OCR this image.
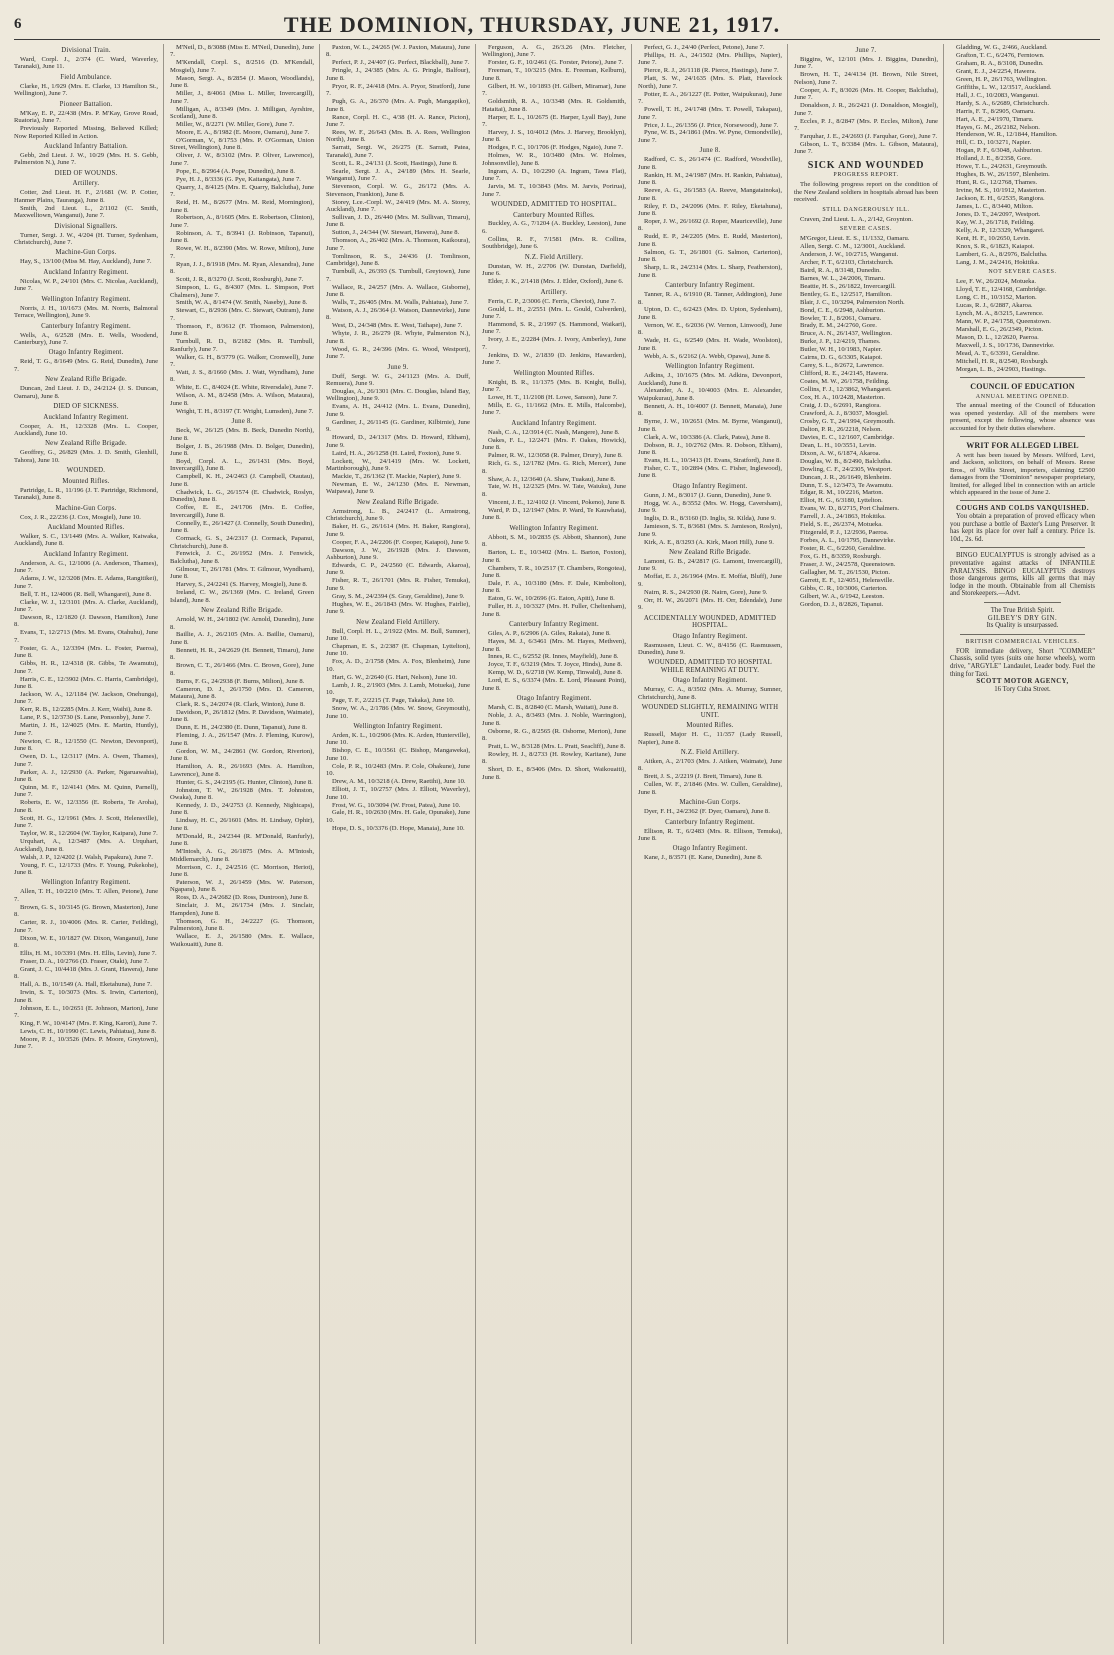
6	THE DOMINION, THURSDAY, JUNE 21, 1917.
Divisional Train.

Ward, Corpl. J., 2/374 (C. Ward, Waverley, Taranaki), June 11.

Field Ambulance.

Clarke, H., 1/929 (Mrs. E. Clarke, 13 Hamilton St., Wellington), June 7.

Pioneer Battalion.

M'Kay, E. P., 22/438 (Mrs. P. M'Kay, Grove Road, Ruatoria), June 7.

Previously Reported Missing, Believed Killed; Now Reported Killed in Action.

Auckland Infantry Battalion.

Gebb, 2nd Lieut. J. W., 10/29 (Mrs. H. S. Gebb, Palmerston N.), June 7.

DIED OF WOUNDS.
Artillery.

Cotter, 2nd Lieut. H. F., 2/1681 (W. P. Cotter, Hanmer Plains, Tauranga), June 8.

Smith, 2nd Lieut. L., 2/1102 (C. Smith, Maxwelltown, Wanganui), June 7.

Divisional Signallers.

Turner, Sergt. J. W., 4/204 (H. Turner, Sydenham, Christchurch), June 7.

Machine-Gun Corps.

Hay, S., 13/100 (Miss M. Hay, Auckland), June 7.

Auckland Infantry Regiment.

Nicolas, W. P., 24/101 (Mrs. C. Nicolas, Auckland), June 7.

Wellington Infantry Regiment.

Norris, J. H., 10/1673 (Mrs. M. Norris, Balmoral Terrace, Wellington), June 9.

Canterbury Infantry Regiment.

Wells, A., 6/2528 (Mrs. E. Wells, Woodend, Canterbury), June 7.

Otago Infantry Regiment.

Reid, T. G., 8/1649 (Mrs. G. Reid, Dunedin), June 7.

New Zealand Rifle Brigade.

Duncan, 2nd Lieut. J. D., 24/2124 (J. S. Duncan, Oamaru), June 8.

DIED OF SICKNESS.
Auckland Infantry Regiment.

Cooper, A. H., 12/3328 (Mrs. L. Cooper, Auckland), June 10.

New Zealand Rifle Brigade.

Geoffrey, G., 26/829 (Mrs. J. D. Smith, Glenhill, Tahora), June 10.

WOUNDED.
Mounted Rifles.

Partridge, L. R., 11/196 (J. T. Partridge, Richmond, Taranaki), June 8.

Machine-Gun Corps.

Cox, J. R., 22/236 (J. Cox, Mosgiel), June 10.

Auckland Mounted Rifles.

Walker, S. C., 13/1449 (Mrs. A. Walker, Kaiwaka, Auckland), June 8.

Auckland Infantry Regiment.

Anderson, A. G., 12/1006 (A. Anderson, Thames), June 7.

Adams, J. W., 12/3208 (Mrs. E. Adams, Rangitikei), June 7.

Bell, T. H., 12/4006 (R. Bell, Whangarei), June 8.

Clarke, W. J., 12/3101 (Mrs. A. Clarke, Auckland), June 7.

Dawson, R., 12/1820 (J. Dawson, Hamilton), June 8.

Evans, T., 12/2713 (Mrs. M. Evans, Otahuhu), June 7.

Foster, G. A., 12/3394 (Mrs. L. Foster, Paeroa), June 8.

Gibbs, H. R., 12/4318 (R. Gibbs, Te Awamutu), June 7.

Harris, C. E., 12/3902 (Mrs. C. Harris, Cambridge), June 8.

Jackson, W. A., 12/1184 (W. Jackson, Onehunga), June 7.

Kerr, R. B., 12/2285 (Mrs. J. Kerr, Waihi), June 8.

Lane, P. S., 12/3730 (S. Lane, Ponsonby), June 7.

Martin, J. H., 12/4025 (Mrs. E. Martin, Huntly), June 7.

Newton, C. R., 12/1550 (C. Newton, Devonport), June 8.

Owen, D. L., 12/3117 (Mrs. A. Owen, Thames), June 7.

Parker, A. J., 12/2930 (A. Parker, Ngaruawahia), June 8.

Quinn, M. F., 12/4141 (Mrs. M. Quinn, Parnell), June 7.

Roberts, E. W., 12/3356 (E. Roberts, Te Aroha), June 8.

Scott, H. G., 12/1961 (Mrs. J. Scott, Helensville), June 7.

Taylor, W. R., 12/2604 (W. Taylor, Kaipara), June 7.

Urquhart, A., 12/3487 (Mrs. A. Urquhart, Auckland), June 8.

Walsh, J. P., 12/4202 (J. Walsh, Papakura), June 7.

Young, F. C., 12/1733 (Mrs. F. Young, Pukekohe), June 8.

Wellington Infantry Regiment.

Allen, T. H., 10/2210 (Mrs. T. Allen, Petone), June 7.

Brown, G. S., 10/3145 (G. Brown, Masterton), June 8.

Carter, R. J., 10/4006 (Mrs. R. Carter, Feilding), June 7.

Dixon, W. E., 10/1827 (W. Dixon, Wanganui), June 8.

Ellis, H. M., 10/3391 (Mrs. H. Ellis, Levin), June 7.

Fraser, D. A., 10/2766 (D. Fraser, Otaki), June 7.

Grant, J. C., 10/4418 (Mrs. J. Grant, Hawera), June 8.

Hall, A. B., 10/1549 (A. Hall, Eketahuna), June 7.

Irwin, S. T., 10/3073 (Mrs. S. Irwin, Carterton), June 8.

Johnson, E. L., 10/2651 (E. Johnson, Marton), June 7.

King, F. W., 10/4147 (Mrs. F. King, Karori), June 7.

Lewis, C. H., 10/1990 (C. Lewis, Pahiatua), June 8.

Moore, P. J., 10/3526 (Mrs. P. Moore, Greytown), June 7.

M'Neil, D., 8/3088 (Miss E. M'Neil, Dunedin), June 7.

M'Kendall, Corpl. S., 8/2516 (D. M'Kendall, Mosgiel), June 7.

Mason, Sergt. A., 8/2854 (J. Mason, Woodlands), June 8.

Miller, J., 8/4061 (Miss L. Miller, Invercargill), June 7.

Milligan, A., 8/3349 (Mrs. J. Milligan, Ayrshire, Scotland), June 8.

Miller, W., 8/2271 (W. Miller, Gore), June 7.

Moore, E. A., 8/1982 (E. Moore, Oamaru), June 7.

O'Gorman, V., 8/1753 (Mrs. P. O'Gorman, Union Street, Wellington), June 8.

Oliver, J. W., 8/3102 (Mrs. P. Oliver, Lawrence), June 7.

Pope, E., 8/2964 (A. Pope, Dunedin), June 8.

Pye, H. J., 8/3336 (G. Pye, Kaitangata), June 7.

Quarry, J., 8/4125 (Mrs. E. Quarry, Balclutha), June 7.

Reid, H. M., 8/2677 (Mrs. M. Reid, Mornington), June 8.

Robertson, A., 8/1605 (Mrs. E. Robertson, Clinton), June 7.

Robinson, A. T., 8/3941 (J. Robinson, Tapanui), June 8.

Rowe, W. H., 8/2390 (Mrs. W. Rowe, Milton), June 7.

Ryan, J. J., 8/1918 (Mrs. M. Ryan, Alexandra), June 8.

Scott, J. R., 8/3270 (J. Scott, Roxburgh), June 7.

Simpson, L. G., 8/4307 (Mrs. L. Simpson, Port Chalmers), June 7.

Smith, W. A., 8/1474 (W. Smith, Naseby), June 8.

Stewart, C., 8/2936 (Mrs. C. Stewart, Outram), June 7.

Thomson, F., 8/3612 (F. Thomson, Palmerston), June 8.

Turnbull, R. D., 8/2182 (Mrs. R. Turnbull, Ranfurly), June 7.

Walker, G. H., 8/3779 (G. Walker, Cromwell), June 7.

Watt, J. S., 8/1660 (Mrs. J. Watt, Wyndham), June 8.

White, E. C., 8/4024 (E. White, Riversdale), June 7.

Wilson, A. M., 8/2458 (Mrs. A. Wilson, Mataura), June 8.

Wright, T. H., 8/3197 (T. Wright, Lumsden), June 7.

June 8.

Beck, W., 26/125 (Mrs. B. Beck, Dunedin North), June 8.

Bolger, J. B., 26/1988 (Mrs. D. Bolger, Dunedin), June 8.

Boyd, Corpl. A. L., 26/1431 (Mrs. Boyd, Invercargill), June 8.

Campbell, K. H., 24/2463 (J. Campbell, Otautau), June 8.

Chadwick, L. G., 26/1574 (E. Chadwick, Roslyn, Dunedin), June 8.

Coffee, E. E., 24/1706 (Mrs. E. Coffee, Invercargill), June 8.

Connelly, E., 26/1427 (J. Connelly, South Dunedin), June 8.

Cormack, G. S., 24/2317 (J. Cormack, Papanui, Christchurch), June 8.

Fenwick, J. C., 26/1952 (Mrs. J. Fenwick, Balclutha), June 8.

Gilmour, T., 26/1781 (Mrs. T. Gilmour, Wyndham), June 8.

Harvey, S., 24/2241 (S. Harvey, Mosgiel), June 8.

Ireland, C. W., 26/1369 (Mrs. C. Ireland, Green Island), June 8.

New Zealand Rifle Brigade.

Arnold, W. H., 24/1802 (W. Arnold, Dunedin), June 8.

Baillie, A. J., 26/2105 (Mrs. A. Baillie, Oamaru), June 8.

Bennett, H. R., 24/2629 (H. Bennett, Timaru), June 8.

Brown, C. T., 26/1466 (Mrs. C. Brown, Gore), June 8.

Burns, F. G., 24/2938 (F. Burns, Milton), June 8.

Cameron, D. J., 26/1750 (Mrs. D. Cameron, Mataura), June 8.

Clark, R. S., 24/2074 (R. Clark, Winton), June 8.

Davidson, P., 26/1812 (Mrs. P. Davidson, Waimate), June 8.

Dunn, E. H., 24/2380 (E. Dunn, Tapanui), June 8.

Fleming, J. A., 26/1547 (Mrs. J. Fleming, Kurow), June 8.

Gordon, W. M., 24/2861 (W. Gordon, Riverton), June 8.

Hamilton, A. R., 26/1693 (Mrs. A. Hamilton, Lawrence), June 8.

Hunter, G. S., 24/2195 (G. Hunter, Clinton), June 8.

Johnston, T. W., 26/1928 (Mrs. T. Johnston, Owaka), June 8.

Kennedy, J. D., 24/2753 (J. Kennedy, Nightcaps), June 8.

Lindsay, H. C., 26/1601 (Mrs. H. Lindsay, Ophir), June 8.

M'Donald, R., 24/2344 (R. M'Donald, Ranfurly), June 8.

M'Intosh, A. G., 26/1875 (Mrs. A. M'Intosh, Middlemarch), June 8.

Morrison, C. J., 24/2516 (C. Morrison, Heriot), June 8.

Paterson, W. J., 26/1459 (Mrs. W. Paterson, Ngapara), June 8.

Ross, D. A., 24/2682 (D. Ross, Duntroon), June 8.

Sinclair, J. M., 26/1734 (Mrs. J. Sinclair, Hampden), June 8.

Thomson, G. H., 24/2227 (G. Thomson, Palmerston), June 8.

Wallace, E. J., 26/1580 (Mrs. E. Wallace, Waikouaiti), June 8.

Paxton, W. L., 24/265 (W. J. Paxton, Mataura), June 8.

Perfect, P. J., 24/407 (G. Perfect, Blackball), June 7.

Pringle, J., 24/385 (Mrs. A. G. Pringle, Balfour), June 8.

Pryor, R. F., 24/418 (Mrs. A. Pryor, Stratford), June 7.

Pugh, G. A., 26/370 (Mrs. A. Pugh, Mangapiko), June 8.

Rance, Corpl. H. C., 4/38 (H. A. Rance, Picton), June 7.

Rees, W. F., 26/643 (Mrs. B. A. Rees, Wellington North), June 8.

Sarratt, Sergt. W., 26/275 (E. Sarratt, Patea, Taranaki), June 7.

Scott, L. R., 24/131 (J. Scott, Hastings), June 8.

Searle, Sergt. J. A., 24/189 (Mrs. H. Searle, Wanganui), June 7.

Stevenson, Corpl. W. G., 26/172 (Mrs. A. Stevenson, Frankton), June 8.

Storey, Lce.-Corpl. W., 24/419 (Mrs. M. A. Storey, Auckland), June 7.

Sullivan, J. D., 26/440 (Mrs. M. Sullivan, Timaru), June 8.

Sutton, J., 24/344 (W. Stewart, Hawera), June 8.

Thomson, A., 26/402 (Mrs. A. Thomson, Kaikoura), June 7.

Tomlinson, R. S., 24/436 (J. Tomlinson, Cambridge), June 8.

Turnbull, A., 26/393 (S. Turnbull, Greytown), June 7.

Wallace, R., 24/257 (Mrs. A. Wallace, Gisborne), June 8.

Walls, T., 26/405 (Mrs. M. Walls, Pahiatua), June 7.

Watson, A. J., 26/364 (J. Watson, Dannevirke), June 8.

West, D., 24/348 (Mrs. E. West, Taihape), June 7.

Whyte, J. R., 26/279 (R. Whyte, Palmerston N.), June 8.

Wood, G. R., 24/396 (Mrs. G. Wood, Westport), June 7.

June 9.

Duff, Sergt. W. G., 24/1123 (Mrs. A. Duff, Remuera), June 9.

Douglas, A., 26/1301 (Mrs. C. Douglas, Island Bay, Wellington), June 9.

Evans, A. H., 24/412 (Mrs. L. Evans, Dunedin), June 9.

Gardiner, J., 26/1145 (G. Gardiner, Kilbirnie), June 9.

Howard, D., 24/1317 (Mrs. D. Howard, Eltham), June 9.

Laird, H. A., 26/1258 (H. Laird, Foxton), June 9.

Lockett, W., 24/1419 (Mrs. W. Lockett, Martinborough), June 9.

Mackie, T., 26/1362 (T. Mackie, Napier), June 9.

Newman, E. W., 24/1230 (Mrs. E. Newman, Waipawa), June 9.

New Zealand Rifle Brigade.

Armstrong, L. B., 24/2417 (L. Armstrong, Christchurch), June 9.

Baker, H. G., 26/1614 (Mrs. H. Baker, Rangiora), June 9.

Cooper, F. A., 24/2206 (F. Cooper, Kaiapoi), June 9.

Dawson, J. W., 26/1928 (Mrs. J. Dawson, Ashburton), June 9.

Edwards, C. P., 24/2560 (C. Edwards, Akaroa), June 9.

Fisher, R. T., 26/1701 (Mrs. R. Fisher, Temuka), June 9.

Gray, S. M., 24/2394 (S. Gray, Geraldine), June 9.

Hughes, W. E., 26/1843 (Mrs. W. Hughes, Fairlie), June 9.

New Zealand Field Artillery.

Bull, Corpl. H. L., 2/1922 (Mrs. M. Bull, Sumner), June 10.

Chapman, E. S., 2/2387 (E. Chapman, Lyttelton), June 10.

Fox, A. D., 2/1758 (Mrs. A. Fox, Blenheim), June 10.

Hart, G. W., 2/2640 (G. Hart, Nelson), June 10.

Lamb, J. R., 2/1903 (Mrs. J. Lamb, Motueka), June 10.

Page, T. F., 2/2215 (T. Page, Takaka), June 10.

Snow, W. A., 2/1786 (Mrs. W. Snow, Greymouth), June 10.

Wellington Infantry Regiment.

Arden, K. L., 10/2906 (Mrs. K. Arden, Hunterville), June 10.

Bishop, C. E., 10/3561 (C. Bishop, Mangaweka), June 10.

Cole, P. R., 10/2483 (Mrs. P. Cole, Ohakune), June 10.

Drew, A. M., 10/3218 (A. Drew, Raetihi), June 10.

Elliott, J. T., 10/2757 (Mrs. J. Elliott, Waverley), June 10.

Frost, W. G., 10/3094 (W. Frost, Patea), June 10.

Gale, H. R., 10/2630 (Mrs. H. Gale, Opunake), June 10.

Hope, D. S., 10/3376 (D. Hope, Manaia), June 10.

Ferguson, A. G., 26/3.26 (Mrs. Fletcher, Wellington), June 7.

Forster, G. F., 10/2461 (G. Forster, Petone), June 7.

Freeman, T., 10/3215 (Mrs. E. Freeman, Kelburn), June 8.

Gilbert, H. W., 10/1893 (H. Gilbert, Miramar), June 7.

Goldsmith, R. A., 10/3348 (Mrs. R. Goldsmith, Hataitai), June 8.

Harper, E. L., 10/2675 (E. Harper, Lyall Bay), June 7.

Harvey, J. S., 10/4012 (Mrs. J. Harvey, Brooklyn), June 8.

Hodges, F. C., 10/1706 (F. Hodges, Ngaio), June 7.

Holmes, W. R., 10/3480 (Mrs. W. Holmes, Johnsonville), June 8.

Ingram, A. D., 10/2290 (A. Ingram, Tawa Flat), June 7.

Jarvis, M. T., 10/3843 (Mrs. M. Jarvis, Porirua), June 7.

WOUNDED, ADMITTED TO HOSPITAL.
Canterbury Mounted Rifles.

Buckley, A. G., 7/1204 (A. Buckley, Leeston), June 6.

Collins, R. F., 7/1581 (Mrs. R. Collins, Southbridge), June 6.

N.Z. Field Artillery.

Dunstan, W. H., 2/2706 (W. Dunstan, Darfield), June 6.

Elder, J. K., 2/1418 (Mrs. J. Elder, Oxford), June 6.

Artillery.

Ferris, C. P., 2/3006 (C. Ferris, Cheviot), June 7.

Gould, L. H., 2/2551 (Mrs. L. Gould, Culverden), June 7.

Hammond, S. R., 2/1997 (S. Hammond, Waikari), June 7.

Ivory, J. E., 2/2284 (Mrs. J. Ivory, Amberley), June 7.

Jenkins, D. W., 2/1839 (D. Jenkins, Hawarden), June 7.

Wellington Mounted Rifles.

Knight, B. R., 11/1375 (Mrs. B. Knight, Bulls), June 7.

Lowe, H. T., 11/2108 (H. Lowe, Sanson), June 7.

Mills, E. G., 11/1662 (Mrs. E. Mills, Halcombe), June 7.

Auckland Infantry Regiment.

Nash, C. A., 12/3914 (C. Nash, Mangere), June 8.

Oakes, F. L., 12/2471 (Mrs. F. Oakes, Howick), June 8.

Palmer, R. W., 12/3058 (R. Palmer, Drury), June 8.

Rich, G. S., 12/1782 (Mrs. G. Rich, Mercer), June 8.

Shaw, A. J., 12/3640 (A. Shaw, Tuakau), June 8.

Tate, W. H., 12/2325 (Mrs. W. Tate, Waiuku), June 8.

Vincent, J. E., 12/4102 (J. Vincent, Pokeno), June 8.

Ward, P. D., 12/1947 (Mrs. P. Ward, Te Kauwhata), June 8.

Wellington Infantry Regiment.

Abbott, S. M., 10/2835 (S. Abbott, Shannon), June 8.

Barton, L. E., 10/3402 (Mrs. L. Barton, Foxton), June 8.

Chambers, T. R., 10/2517 (T. Chambers, Rongotea), June 8.

Dale, F. A., 10/3180 (Mrs. F. Dale, Kimbolton), June 8.

Eaton, G. W., 10/2696 (G. Eaton, Apiti), June 8.

Fuller, H. J., 10/3327 (Mrs. H. Fuller, Cheltenham), June 8.

Canterbury Infantry Regiment.

Giles, A. P., 6/2906 (A. Giles, Rakaia), June 8.

Hayes, M. J., 6/3461 (Mrs. M. Hayes, Methven), June 8.

Innes, R. C., 6/2552 (R. Innes, Mayfield), June 8.

Joyce, T. F., 6/3219 (Mrs. T. Joyce, Hinds), June 8.

Kemp, W. D., 6/2718 (W. Kemp, Tinwald), June 8.

Lord, E. S., 6/3374 (Mrs. E. Lord, Pleasant Point), June 8.

Otago Infantry Regiment.

Marsh, C. B., 8/2840 (C. Marsh, Waitati), June 8.

Noble, J. A., 8/3493 (Mrs. J. Noble, Warrington), June 8.

Osborne, R. G., 8/2565 (R. Osborne, Merton), June 8.

Pratt, L. W., 8/3128 (Mrs. L. Pratt, Seacliff), June 8.

Rowley, H. J., 8/2733 (H. Rowley, Karitane), June 8.

Short, D. E., 8/3406 (Mrs. D. Short, Waikouaiti), June 8.

Perfect, G. J., 24/40 (Perfect, Petone), June 7.

Phillips, H. A., 24/1502 (Mrs. Phillips, Napier), June 7.

Pierce, R. J., 26/1118 (R. Pierce, Hastings), June 7.

Platt, S. W., 24/1635 (Mrs. S. Platt, Havelock North), June 7.

Potter, E. A., 26/1227 (E. Potter, Waipukurau), June 7.

Powell, T. H., 24/1748 (Mrs. T. Powell, Takapau), June 7.

Price, J. L., 26/1356 (J. Price, Norsewood), June 7.

Pyne, W. B., 24/1861 (Mrs. W. Pyne, Ormondville), June 7.

June 8.

Radford, C. S., 26/1474 (C. Radford, Woodville), June 8.

Rankin, H. M., 24/1987 (Mrs. H. Rankin, Pahiatua), June 8.

Reeve, A. G., 26/1583 (A. Reeve, Mangatainoka), June 8.

Riley, F. D., 24/2096 (Mrs. F. Riley, Eketahuna), June 8.

Roper, J. W., 26/1692 (J. Roper, Mauriceville), June 8.

Rudd, E. P., 24/2205 (Mrs. E. Rudd, Masterton), June 8.

Salmon, G. T., 26/1801 (G. Salmon, Carterton), June 8.

Sharp, L. R., 24/2314 (Mrs. L. Sharp, Featherston), June 8.

Canterbury Infantry Regiment.

Tanner, R. A., 6/1910 (R. Tanner, Addington), June 8.

Upton, D. C., 6/2423 (Mrs. D. Upton, Sydenham), June 8.

Vernon, W. E., 6/2036 (W. Vernon, Linwood), June 8.

Wade, H. G., 6/2549 (Mrs. H. Wade, Woolston), June 8.

Webb, A. S., 6/2162 (A. Webb, Opawa), June 8.

Wellington Infantry Regiment.

Adkins, J., 10/1675 (Mrs. M. Adkins, Devonport, Auckland), June 8.

Alexander, A. J., 10/4003 (Mrs. E. Alexander, Waipukurau), June 8.

Bennett, A. H., 10/4007 (J. Bennett, Manaia), June 8.

Byrne, J. W., 10/2651 (Mrs. M. Byrne, Wanganui), June 8.

Clark, A. W., 10/3386 (A. Clark, Patea), June 8.

Dobson, R. J., 10/2762 (Mrs. R. Dobson, Eltham), June 8.

Evans, H. L., 10/3413 (H. Evans, Stratford), June 8.

Fisher, C. T., 10/2894 (Mrs. C. Fisher, Inglewood), June 8.

Otago Infantry Regiment.

Gunn, J. M., 8/3017 (J. Gunn, Dunedin), June 9.

Hogg, W. A., 8/3552 (Mrs. W. Hogg, Caversham), June 9.

Inglis, D. R., 8/3160 (D. Inglis, St. Kilda), June 9.

Jamieson, S. T., 8/3681 (Mrs. S. Jamieson, Roslyn), June 9.

Kirk, A. E., 8/3293 (A. Kirk, Maori Hill), June 9.

New Zealand Rifle Brigade.

Lamont, G. B., 24/2817 (G. Lamont, Invercargill), June 9.

Moffat, E. J., 26/1964 (Mrs. E. Moffat, Bluff), June 9.

Nairn, R. S., 24/2930 (R. Nairn, Gore), June 9.

Orr, H. W., 26/2071 (Mrs. H. Orr, Edendale), June 9.

ACCIDENTALLY WOUNDED, ADMITTED HOSPITAL.
Otago Infantry Regiment.

Rasmussen, Lieut. C. W., 8/4156 (C. Rasmussen, Dunedin), June 9.

WOUNDED, ADMITTED TO HOSPITAL WHILE REMAINING AT DUTY.
Otago Infantry Regiment.

Murray, C. A., 8/3502 (Mrs. A. Murray, Sumner, Christchurch), June 8.

WOUNDED SLIGHTLY, REMAINING WITH UNIT.
Mounted Rifles.

Russell, Major H. C., 11/357 (Lady Russell, Napier), June 8.

N.Z. Field Artillery.

Aitken, A., 2/1703 (Mrs. J. Aitken, Waimate), June 8.

Brett, J. S., 2/2219 (J. Brett, Timaru), June 8.

Cullen, W. F., 2/1846 (Mrs. W. Cullen, Geraldine), June 8.

Machine-Gun Corps.

Dyer, F. H., 24/2362 (F. Dyer, Oamaru), June 8.

Canterbury Infantry Regiment.

Ellison, R. T., 6/2483 (Mrs. R. Ellison, Temuka), June 8.

Otago Infantry Regiment.

Kane, J., 8/3571 (E. Kane, Dunedin), June 8.

June 7.

Biggins, W., 12/101 (Mrs. J. Biggins, Dunedin), June 7.

Brown, H. T., 24/4134 (H. Brown, Nile Street, Nelson), June 7.

Cooper, A. F., 8/3026 (Mrs. H. Cooper, Balclutha), June 7.

Donaldson, J. R., 26/2421 (J. Donaldson, Mosgiel), June 7.

Eccles, P. J., 8/2847 (Mrs. P. Eccles, Milton), June 7.

Farquhar, J. E., 24/2693 (J. Farquhar, Gore), June 7.

Gibson, L. T., 8/3384 (Mrs. L. Gibson, Mataura), June 7.

SICK AND WOUNDED
PROGRESS REPORT.

The following progress report on the condition of the New Zealand soldiers in hospitals abroad has been received.

STILL DANGEROUSLY ILL.

Craven, 2nd Lieut. L. A., 2/142, Groynton.

SEVERE CASES.

M'Gregor, Lieut. E. S., 11/1332, Oamaru.

Allen, Sergt. C. M., 12/3001, Auckland.

Anderson, J. W., 10/2715, Wanganui.

Archer, F. T., 6/2103, Christchurch.

Baird, R. A., 8/3148, Dunedin.

Barnes, W. L., 24/2006, Timaru.

Beattie, H. S., 26/1822, Invercargill.

Bentley, G. E., 12/2517, Hamilton.

Blair, J. C., 10/3294, Palmerston North.

Bond, C. E., 6/2948, Ashburton.

Bowler, T. J., 8/2061, Oamaru.

Brady, E. M., 24/2760, Gore.

Bruce, A. N., 26/1437, Wellington.

Burke, J. P., 12/4219, Thames.

Butler, W. H., 10/1983, Napier.

Cairns, D. G., 6/3305, Kaiapoi.

Carey, S. L., 8/2672, Lawrence.

Clifford, R. E., 24/2145, Hawera.

Coates, M. W., 26/1758, Feilding.

Collins, F. J., 12/3862, Whangarei.

Cox, H. A., 10/2428, Masterton.

Craig, J. D., 6/2691, Rangiora.

Crawford, A. J., 8/3037, Mosgiel.

Crosby, G. T., 24/1994, Greymouth.

Dalton, P. R., 26/2218, Nelson.

Davies, E. C., 12/1607, Cambridge.

Dean, L. H., 10/3551, Levin.

Dixon, A. W., 6/1874, Akaroa.

Douglas, W. B., 8/2490, Balclutha.

Dowling, C. F., 24/2305, Westport.

Duncan, J. R., 26/1649, Blenheim.

Dunn, T. S., 12/3473, Te Awamutu.

Edgar, R. M., 10/2216, Marton.

Elliot, H. G., 6/3180, Lyttelton.

Evans, W. D., 8/2715, Port Chalmers.

Farrell, J. A., 24/1863, Hokitika.

Field, S. E., 26/2374, Motueka.

Fitzgerald, P. J., 12/2936, Paeroa.

Forbes, A. L., 10/1795, Dannevirke.

Foster, R. C., 6/2260, Geraldine.

Fox, G. H., 8/3359, Roxburgh.

Fraser, J. W., 24/2578, Queenstown.

Gallagher, M. T., 26/1530, Picton.

Garrett, E. F., 12/4051, Helensville.

Gibbs, C. R., 10/3006, Carterton.

Gilbert, W. A., 6/1942, Leeston.

Gordon, D. J., 8/2826, Tapanui.

Gladding, W. G., 2/466, Auckland.

Grafton, T. C., 6/2476, Ferntown.

Graham, R. A., 8/3108, Dunedin.

Grant, E. J., 24/2254, Hawera.

Green, H. P., 26/1763, Wellington.

Griffiths, L. W., 12/3517, Auckland.

Hall, J. C., 10/2083, Wanganui.

Hardy, S. A., 6/2689, Christchurch.

Harris, F. T., 8/2905, Oamaru.

Hart, A. E., 24/1970, Timaru.

Hayes, G. M., 26/2182, Nelson.

Henderson, W. R., 12/1844, Hamilton.

Hill, C. D., 10/3271, Napier.

Hogan, P. F., 6/3048, Ashburton.

Holland, J. E., 8/2358, Gore.

Howe, T. L., 24/2631, Greymouth.

Hughes, B. W., 26/1597, Blenheim.

Hunt, R. G., 12/2768, Thames.

Irvine, M. S., 10/1912, Masterton.

Jackson, E. H., 6/2535, Rangiora.

James, L. C., 8/3440, Milton.

Jones, D. T., 24/2097, Westport.

Kay, W. J., 26/1718, Feilding.

Kelly, A. P., 12/3329, Whangarei.

Kent, H. F., 10/2650, Levin.

Knox, S. R., 6/1823, Kaiapoi.

Lambert, G. A., 8/2976, Balclutha.

Lang, J. M., 24/2416, Hokitika.

NOT SEVERE CASES.

Lee, F. W., 26/2024, Motueka.

Lloyd, T. E., 12/4168, Cambridge.

Long, C. H., 10/3152, Marton.

Lucas, R. J., 6/2887, Akaroa.

Lynch, M. A., 8/3215, Lawrence.

Mann, W. P., 24/1758, Queenstown.

Marshall, E. G., 26/2349, Picton.

Mason, D. L., 12/2620, Paeroa.

Maxwell, J. S., 10/1736, Dannevirke.

Mead, A. T., 6/3391, Geraldine.

Mitchell, H. R., 8/2540, Roxburgh.

Morgan, L. B., 24/2903, Hastings.

COUNCIL OF EDUCATION
ANNUAL MEETING OPENED.

The annual meeting of the Council of Education was opened yesterday. All of the members were present, except the following, whose absence was accounted for by their duties elsewhere.

WRIT FOR ALLEGED LIBEL

A writ has been issued by Messrs. Wilford, Levi, and Jackson, solicitors, on behalf of Messrs. Reese Bros., of Willis Street, importers, claiming £2500 damages from the "Dominion" newspaper proprietary, limited, for alleged libel in connection with an article which appeared in the issue of June 2.

COUGHS AND COLDS VANQUISHED.

You obtain a preparation of proved efficacy when you purchase a bottle of Baxter's Lung Preserver. It has kept its place for over half a century. Price 1s. 10d., 2s. 6d.

BINGO EUCALYPTUS is strongly advised as a preventative against attacks of INFANTILE PARALYSIS. BINGO EUCALYPTUS destroys those dangerous germs, kills all germs that may lodge in the mouth. Obtainable from all Chemists and Storekeepers.—Advt.

The True British Spirit.

GILBEY'S DRY GIN.

Its Quality is unsurpassed.

BRITISH COMMERCIAL VEHICLES.

FOR immediate delivery, Short "COMMER" Chassis, solid tyres (suits one horse wheels), worm drive, "ARGYLE" Landaulet, Leader body. Fuel the thing for Taxi.

SCOTT MOTOR AGENCY,

16 Tory Cuba Street.
